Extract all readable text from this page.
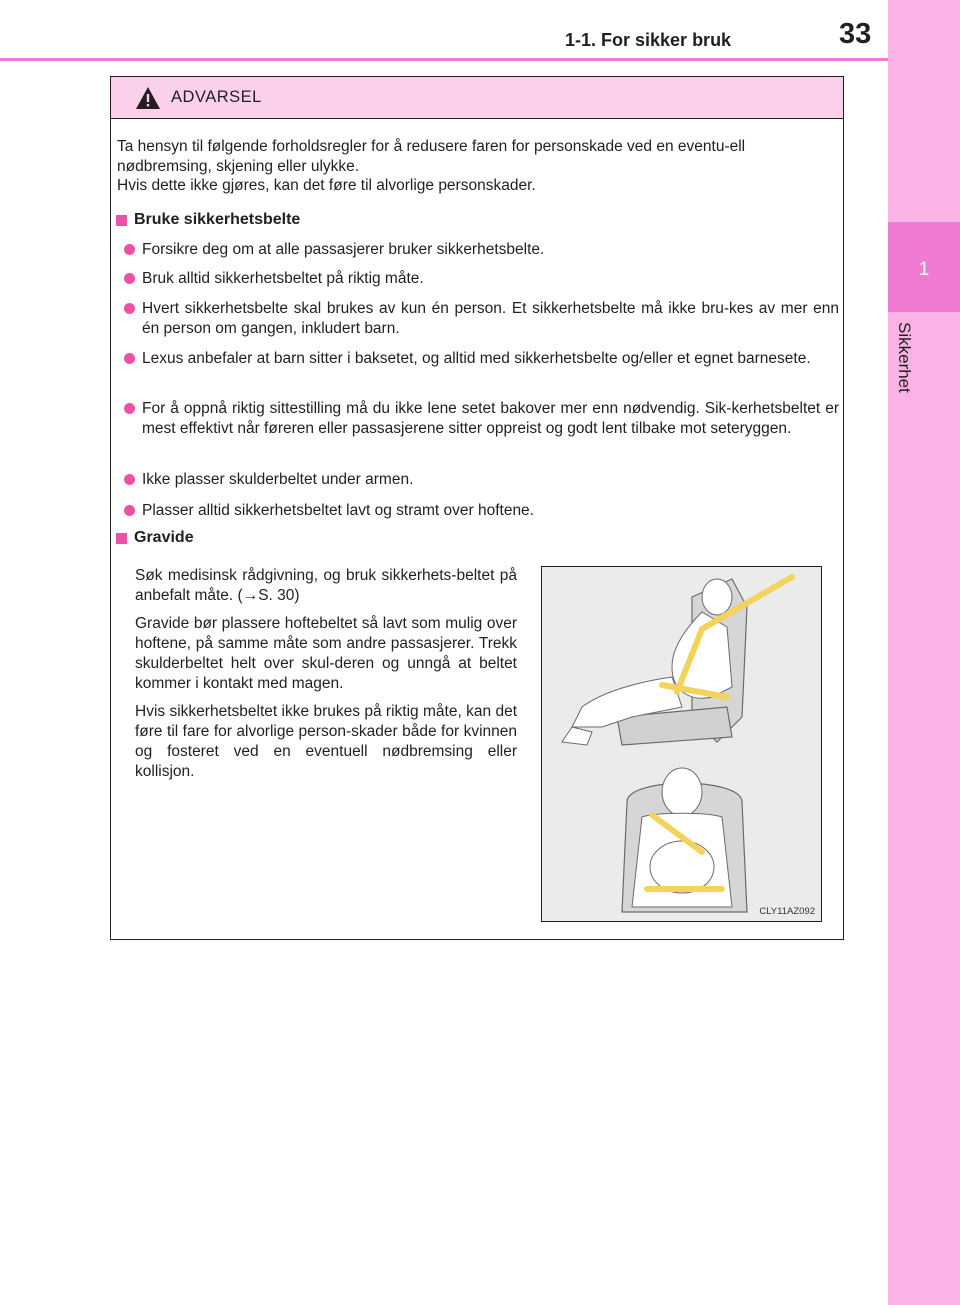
1
Sikkerhet
1-1. For sikker bruk	33
ADVARSEL

Ta hensyn til følgende forholdsregler for å redusere faren for personskade ved en eventu-ell nødbremsing, skjening eller ulykke.

Hvis dette ikke gjøres, kan det føre til alvorlige personskader.

Bruke sikkerhetsbelte
Forsikre deg om at alle passasjerer bruker sikkerhetsbelte.
Bruk alltid sikkerhetsbeltet på riktig måte.
Hvert sikkerhetsbelte skal brukes av kun én person. Et sikkerhetsbelte må ikke bru-kes av mer enn én person om gangen, inkludert barn.
Lexus anbefaler at barn sitter i baksetet, og alltid med sikkerhetsbelte og/eller et egnet barnesete.
For å oppnå riktig sittestilling må du ikke lene setet bakover mer enn nødvendig. Sik-kerhetsbeltet er mest effektivt når føreren eller passasjerene sitter oppreist og godt lent tilbake mot seteryggen.
Ikke plasser skulderbeltet under armen.
Plasser alltid sikkerhetsbeltet lavt og stramt over hoftene.
Gravide

Søk medisinsk rådgivning, og bruk sikkerhets-beltet på anbefalt måte. (→S. 30)

Gravide bør plassere hoftebeltet så lavt som mulig over hoftene, på samme måte som andre passasjerer. Trekk skulderbeltet helt over skul-deren og unngå at beltet kommer i kontakt med magen.

Hvis sikkerhetsbeltet ikke brukes på riktig måte, kan det føre til fare for alvorlige person-skader både for kvinnen og fosteret ved en eventuell nødbremsing eller kollisjon.

CLY11AZ092
